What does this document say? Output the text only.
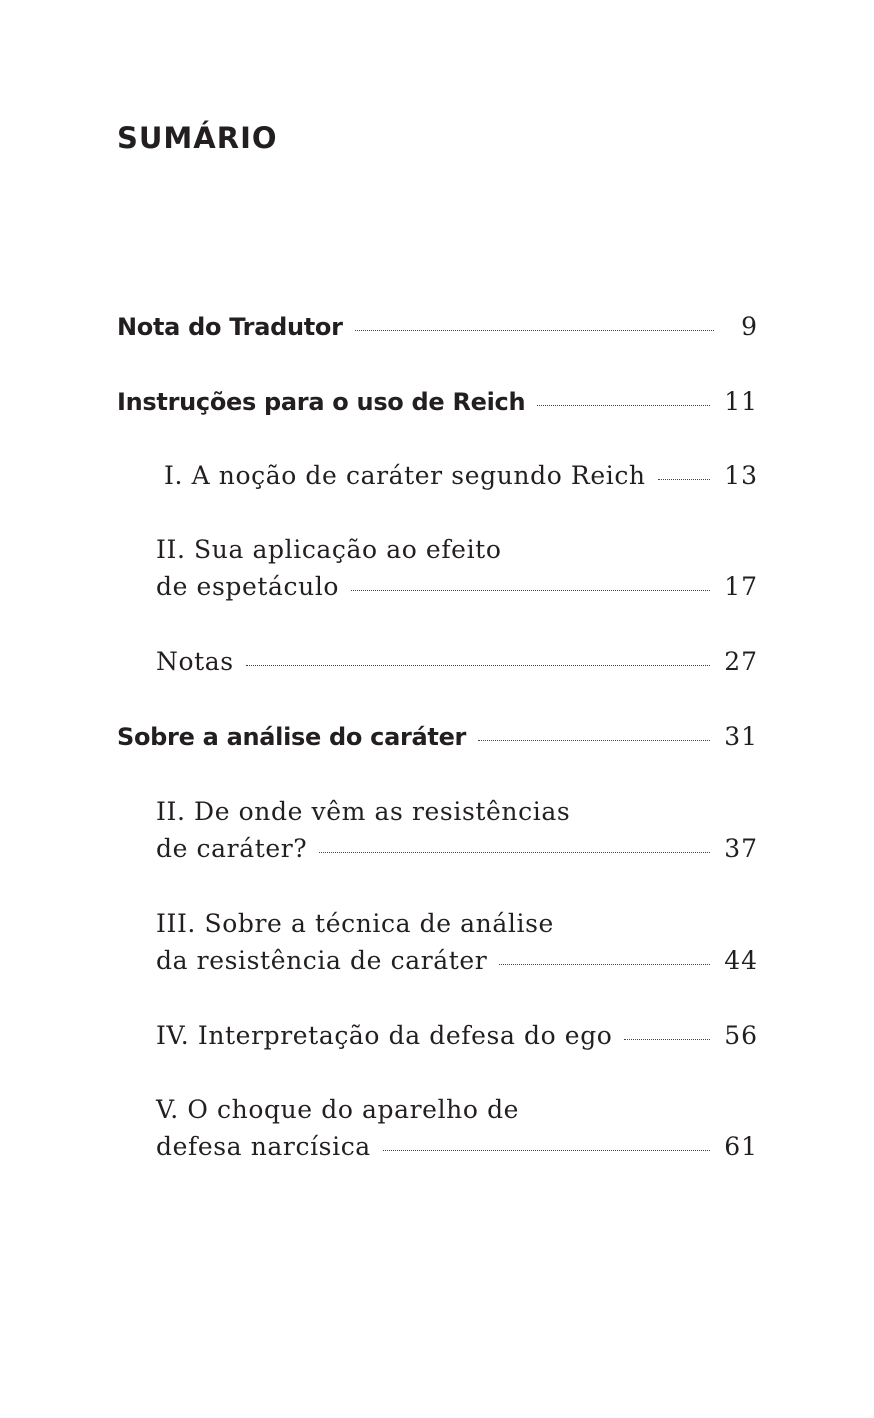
SUMÁRIO
Nota do Tradutor	9
Instruções para o uso de Reich	11
I. A noção de caráter segundo Reich	13
II. Sua aplicação ao efeito
de espetáculo	17
Notas	27
Sobre a análise do caráter	31
II. De onde vêm as resistências
de caráter?	37
III. Sobre a técnica de análise
da resistência de caráter	44
IV. Interpretação da defesa do ego	56
V. O choque do aparelho de
defesa narcísica	61
